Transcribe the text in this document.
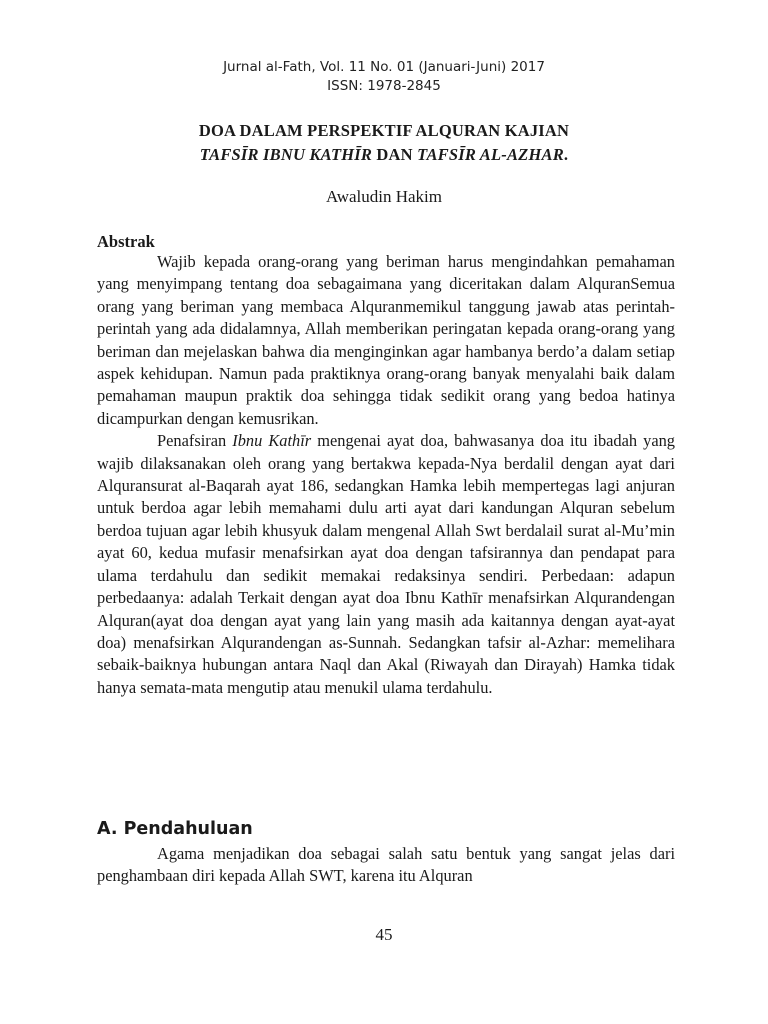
Jurnal al-Fath, Vol. 11 No. 01 (Januari-Juni) 2017
ISSN: 1978-2845
DOA DALAM PERSPEKTIF ALQURAN KAJIAN
TAFSĪR IBNU KATHĪR DAN TAFSĪR AL-AZHAR.
Awaludin Hakim
Abstrak

Wajib kepada orang-orang yang beriman harus mengindahkan pemahaman yang menyimpang tentang doa sebagaimana yang diceritakan dalam AlquranSemua orang yang beriman yang membaca Alquranmemikul tanggung jawab atas perintah-perintah yang ada didalamnya, Allah memberikan peringatan kepada orang-orang yang beriman dan mejelaskan bahwa dia menginginkan agar hambanya berdo’a dalam setiap aspek kehidupan. Namun pada praktiknya orang-orang banyak menyalahi baik dalam pemahaman maupun praktik doa sehingga tidak sedikit orang yang bedoa hatinya dicampurkan dengan kemusrikan.

Penafsiran Ibnu Kathīr mengenai ayat doa, bahwasanya doa itu ibadah yang wajib dilaksanakan oleh orang yang bertakwa kepada-Nya berdalil dengan ayat dari Alquransurat al-Baqarah ayat 186, sedangkan Hamka lebih mempertegas lagi anjuran untuk berdoa agar lebih memahami dulu arti ayat dari kandungan Alquran sebelum berdoa tujuan agar lebih khusyuk dalam mengenal Allah Swt berdalail surat al-Mu’min ayat 60, kedua mufasir menafsirkan ayat doa dengan tafsirannya dan pendapat para ulama terdahulu dan sedikit memakai redaksinya sendiri. Perbedaan: adapun perbedaanya: adalah Terkait dengan ayat doa Ibnu Kathīr menafsirkan Alqurandengan Alquran(ayat doa dengan ayat yang lain yang masih ada kaitannya dengan ayat-ayat doa) menafsirkan Alqurandengan as-Sunnah. Sedangkan tafsir al-Azhar: memelihara sebaik-baiknya hubungan antara Naql dan Akal (Riwayah dan Dirayah) Hamka tidak hanya semata-mata mengutip atau menukil ulama terdahulu.

A. Pendahuluan

Agama menjadikan doa sebagai salah satu bentuk yang sangat jelas dari penghambaan diri kepada Allah SWT, karena itu Alquran

45
